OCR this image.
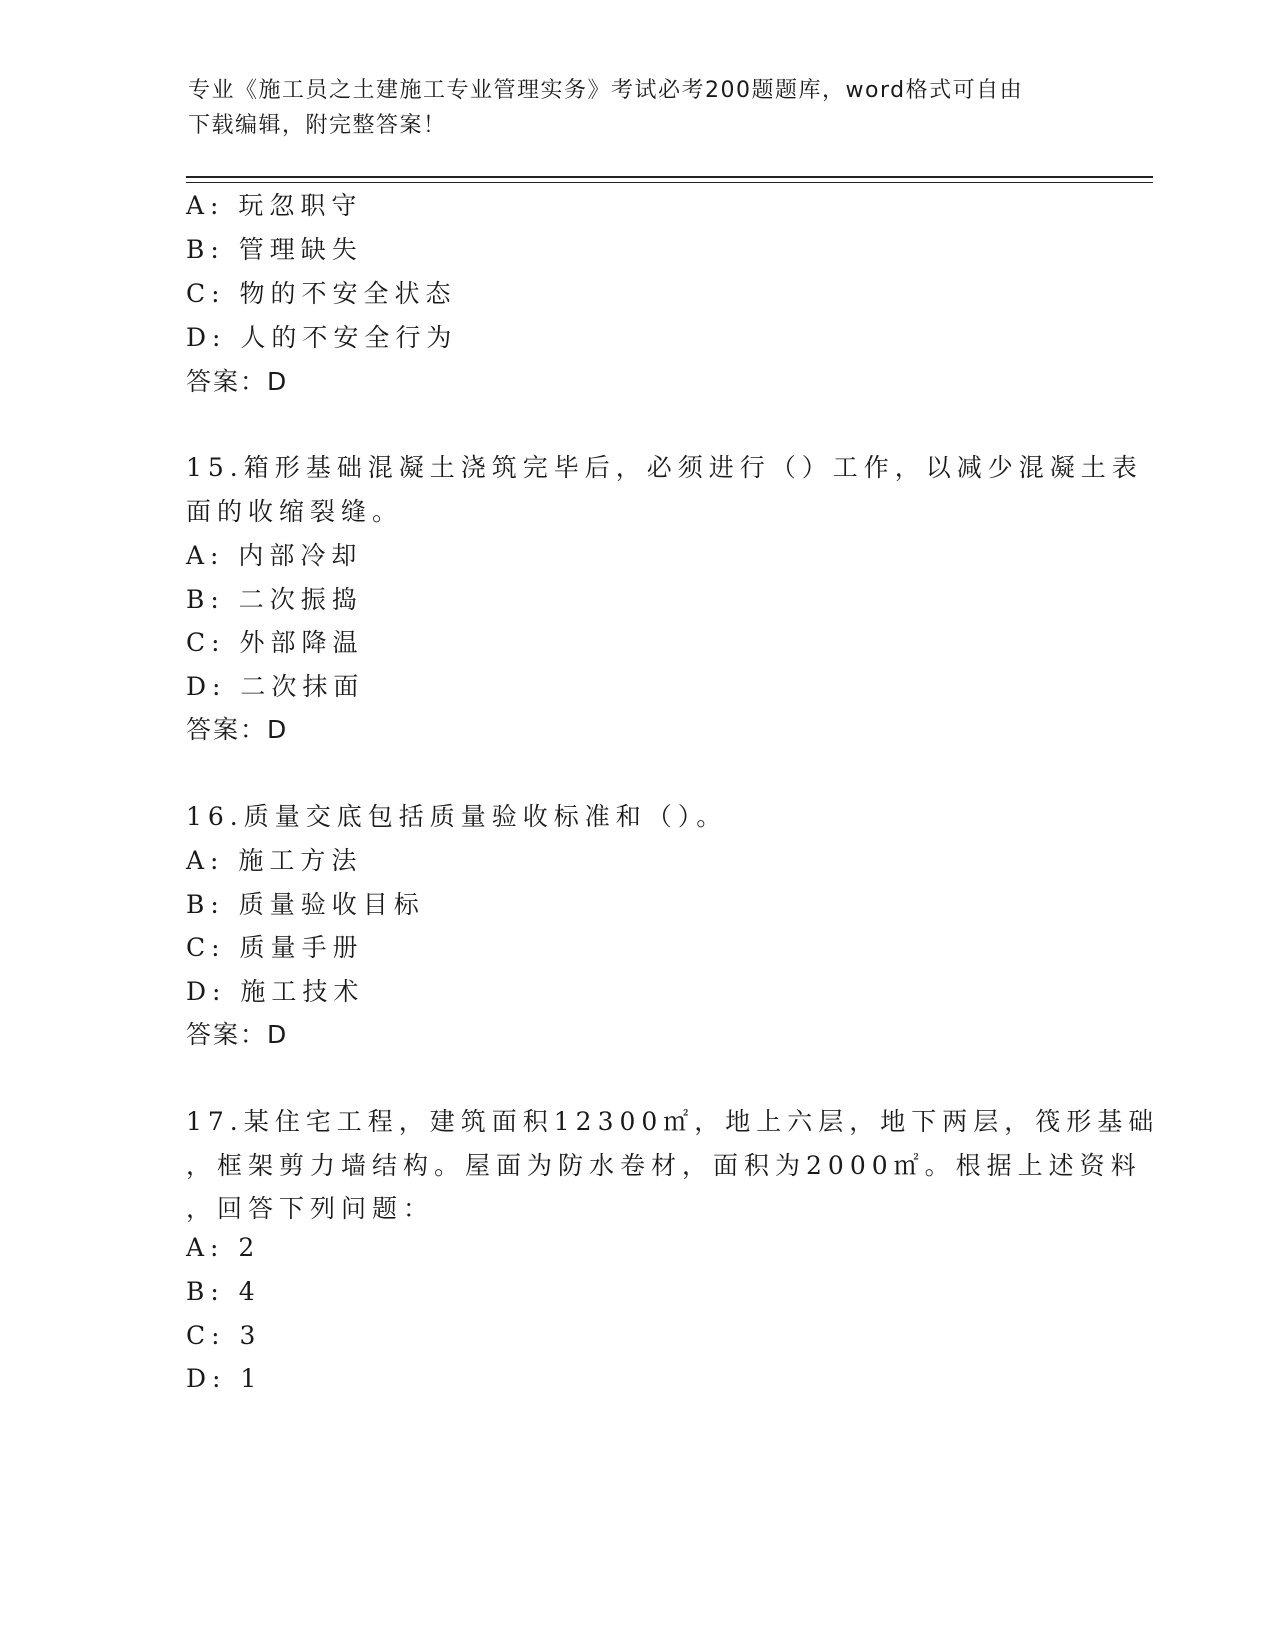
专业《施工员之土建施工专业管理实务》考试必考200题题库，word格式可自由
下载编辑，附完整答案！
A: 玩忽职守
B: 管理缺失
C: 物的不安全状态
D: 人的不安全行为
答案：D
15.箱形基础混凝土浇筑完毕后，必须进行（）工作，以减少混凝土表
面的收缩裂缝。
A: 内部冷却
B: 二次振捣
C: 外部降温
D: 二次抹面
答案：D
16.质量交底包括质量验收标准和（）。
A: 施工方法
B: 质量验收目标
C: 质量手册
D: 施工技术
答案：D
17.某住宅工程，建筑面积12300㎡，地上六层，地下两层，筏形基础
，框架剪力墙结构。屋面为防水卷材，面积为2000㎡。根据上述资料
，回答下列问题：
A: 2
B: 4
C: 3
D: 1
